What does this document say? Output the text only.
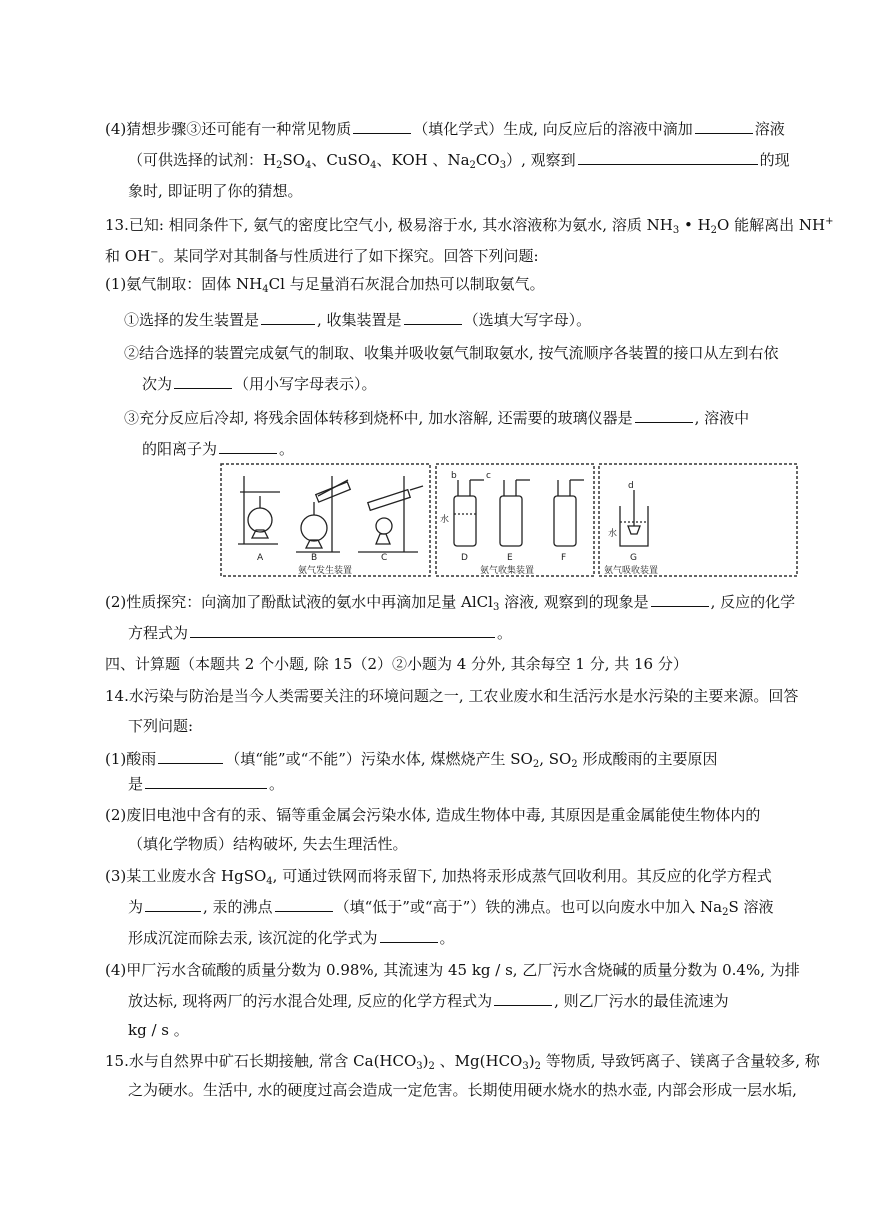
(4)猜想步骤③还可能有一种常见物质	（填化学式）生成, 向反应后的溶液中滴加	溶液
（可供选择的试剂：$H_2SO_4$、CuSO$_4$、KOH 、$Na_2CO_3$）, 观察到	的现
象时, 即证明了你的猜想。
13.已知: 相同条件下, 氨气的密度比空气小, 极易溶于水, 其水溶液称为氨水, 溶质 $NH_3$ • $H_2O$ 能解离出 NH+
和 OH−。某同学对其制备与性质进行了如下探究。回答下列问题:
(1)氨气制取：固体 $NH_4Cl$ 与足量消石灰混合加热可以制取氨气。
①选择的发生装置是	, 收集装置是	（选填大写字母）。
②结合选择的装置完成氨气的制取、收集并吸收氨气制取氨水, 按气流顺序各装置的接口从左到右依
次为	（用小写字母表示）。
③充分反应后冷却, 将残余固体转移到烧杯中, 加水溶解, 还需要的玻璃仪器是	, 溶液中
的阳离子为	。
A	B	C
氨气发生装置
水
b	c
D	E	F
氨气收集装置
d
水
G
氨气吸收装置
(2)性质探究：向滴加了酚酞试液的氨水中再滴加足量 AlCl$_3$ 溶液, 观察到的现象是	, 反应的化学
方程式为	。
四、计算题（本题共 2 个小题, 除 15（2）②小题为 4 分外, 其余每空 1 分, 共 16 分）
14.水污染与防治是当今人类需要关注的环境问题之一, 工农业废水和生活污水是水污染的主要来源。回答
下列问题:
(1)酸雨	（填“能”或“不能”）污染水体, 煤燃烧产生 $SO_2$, $SO_2$ 形成酸雨的主要原因
是	。
(2)废旧电池中含有的汞、镉等重金属会污染水体, 造成生物体中毒, 其原因是重金属能使生物体内的
（填化学物质）结构破坏, 失去生理活性。
(3)某工业废水含 HgSO$_4$, 可通过铁网而将汞留下, 加热将汞形成蒸气回收利用。其反应的化学方程式
为	, 汞的沸点	（填“低于”或“高于”）铁的沸点。也可以向废水中加入 $Na_2S$ 溶液
形成沉淀而除去汞, 该沉淀的化学式为	。
(4)甲厂污水含硫酸的质量分数为 0.98%, 其流速为 45 kg / s, 乙厂污水含烧碱的质量分数为 0.4%, 为排
放达标, 现将两厂的污水混合处理, 反应的化学方程式为	, 则乙厂污水的最佳流速为
kg / s 。
15.水与自然界中矿石长期接触, 常含 $Ca(HCO_3)_2$ 、$Mg(HCO_3)_2$ 等物质, 导致钙离子、镁离子含量较多, 称
之为硬水。生活中, 水的硬度过高会造成一定危害。长期使用硬水烧水的热水壶, 内部会形成一层水垢,
